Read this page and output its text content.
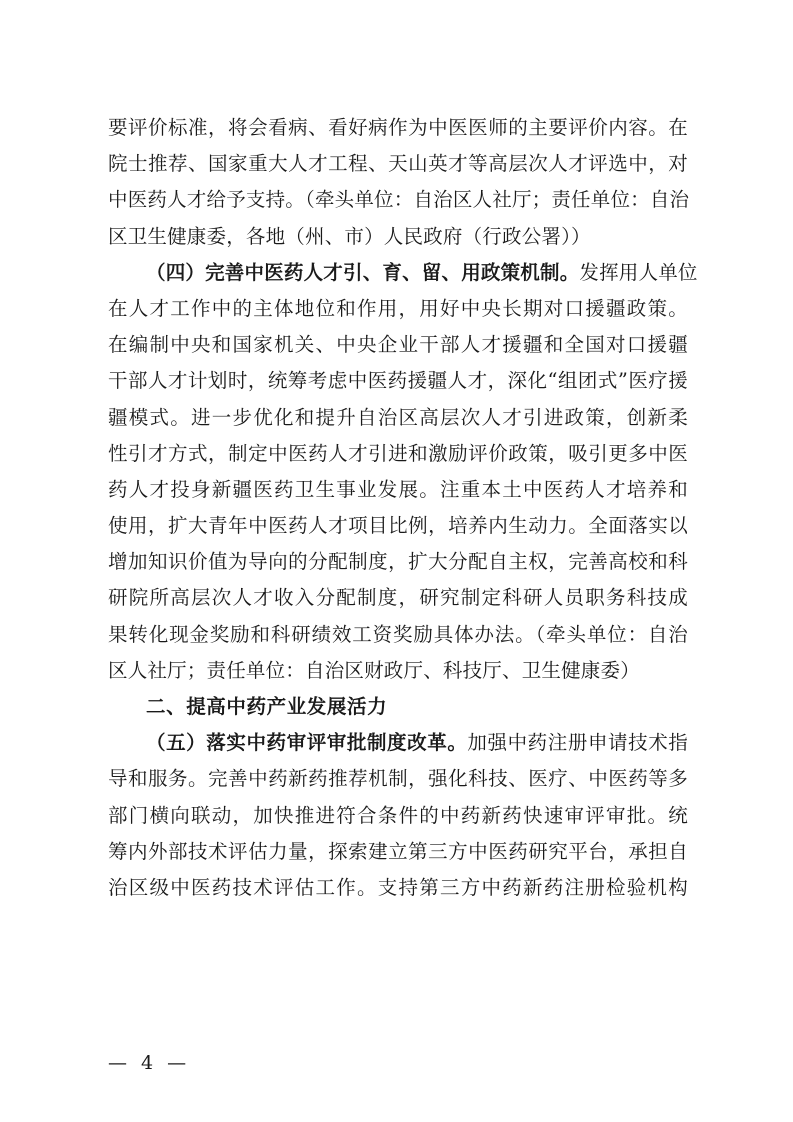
要评价标准，将会看病、看好病作为中医医师的主要评价内容。在
院士推荐、国家重大人才工程、天山英才等高层次人才评选中，对
中医药人才给予支持。（牵头单位：自治区人社厅；责任单位：自治
区卫生健康委，各地（州、市）人民政府（行政公署））
（四）完善中医药人才引、育、留、用政策机制。发挥用人单位
在人才工作中的主体地位和作用，用好中央长期对口援疆政策。
在编制中央和国家机关、中央企业干部人才援疆和全国对口援疆
干部人才计划时，统筹考虑中医药援疆人才，深化“组团式”医疗援
疆模式。进一步优化和提升自治区高层次人才引进政策，创新柔
性引才方式，制定中医药人才引进和激励评价政策，吸引更多中医
药人才投身新疆医药卫生事业发展。注重本土中医药人才培养和
使用，扩大青年中医药人才项目比例，培养内生动力。全面落实以
增加知识价值为导向的分配制度，扩大分配自主权，完善高校和科
研院所高层次人才收入分配制度，研究制定科研人员职务科技成
果转化现金奖励和科研绩效工资奖励具体办法。（牵头单位：自治
区人社厅；责任单位：自治区财政厅、科技厅、卫生健康委）
二、提高中药产业发展活力
（五）落实中药审评审批制度改革。加强中药注册申请技术指
导和服务。完善中药新药推荐机制，强化科技、医疗、中医药等多
部门横向联动，加快推进符合条件的中药新药快速审评审批。统
筹内外部技术评估力量，探索建立第三方中医药研究平台，承担自
治区级中医药技术评估工作。支持第三方中药新药注册检验机构
— 4 —
